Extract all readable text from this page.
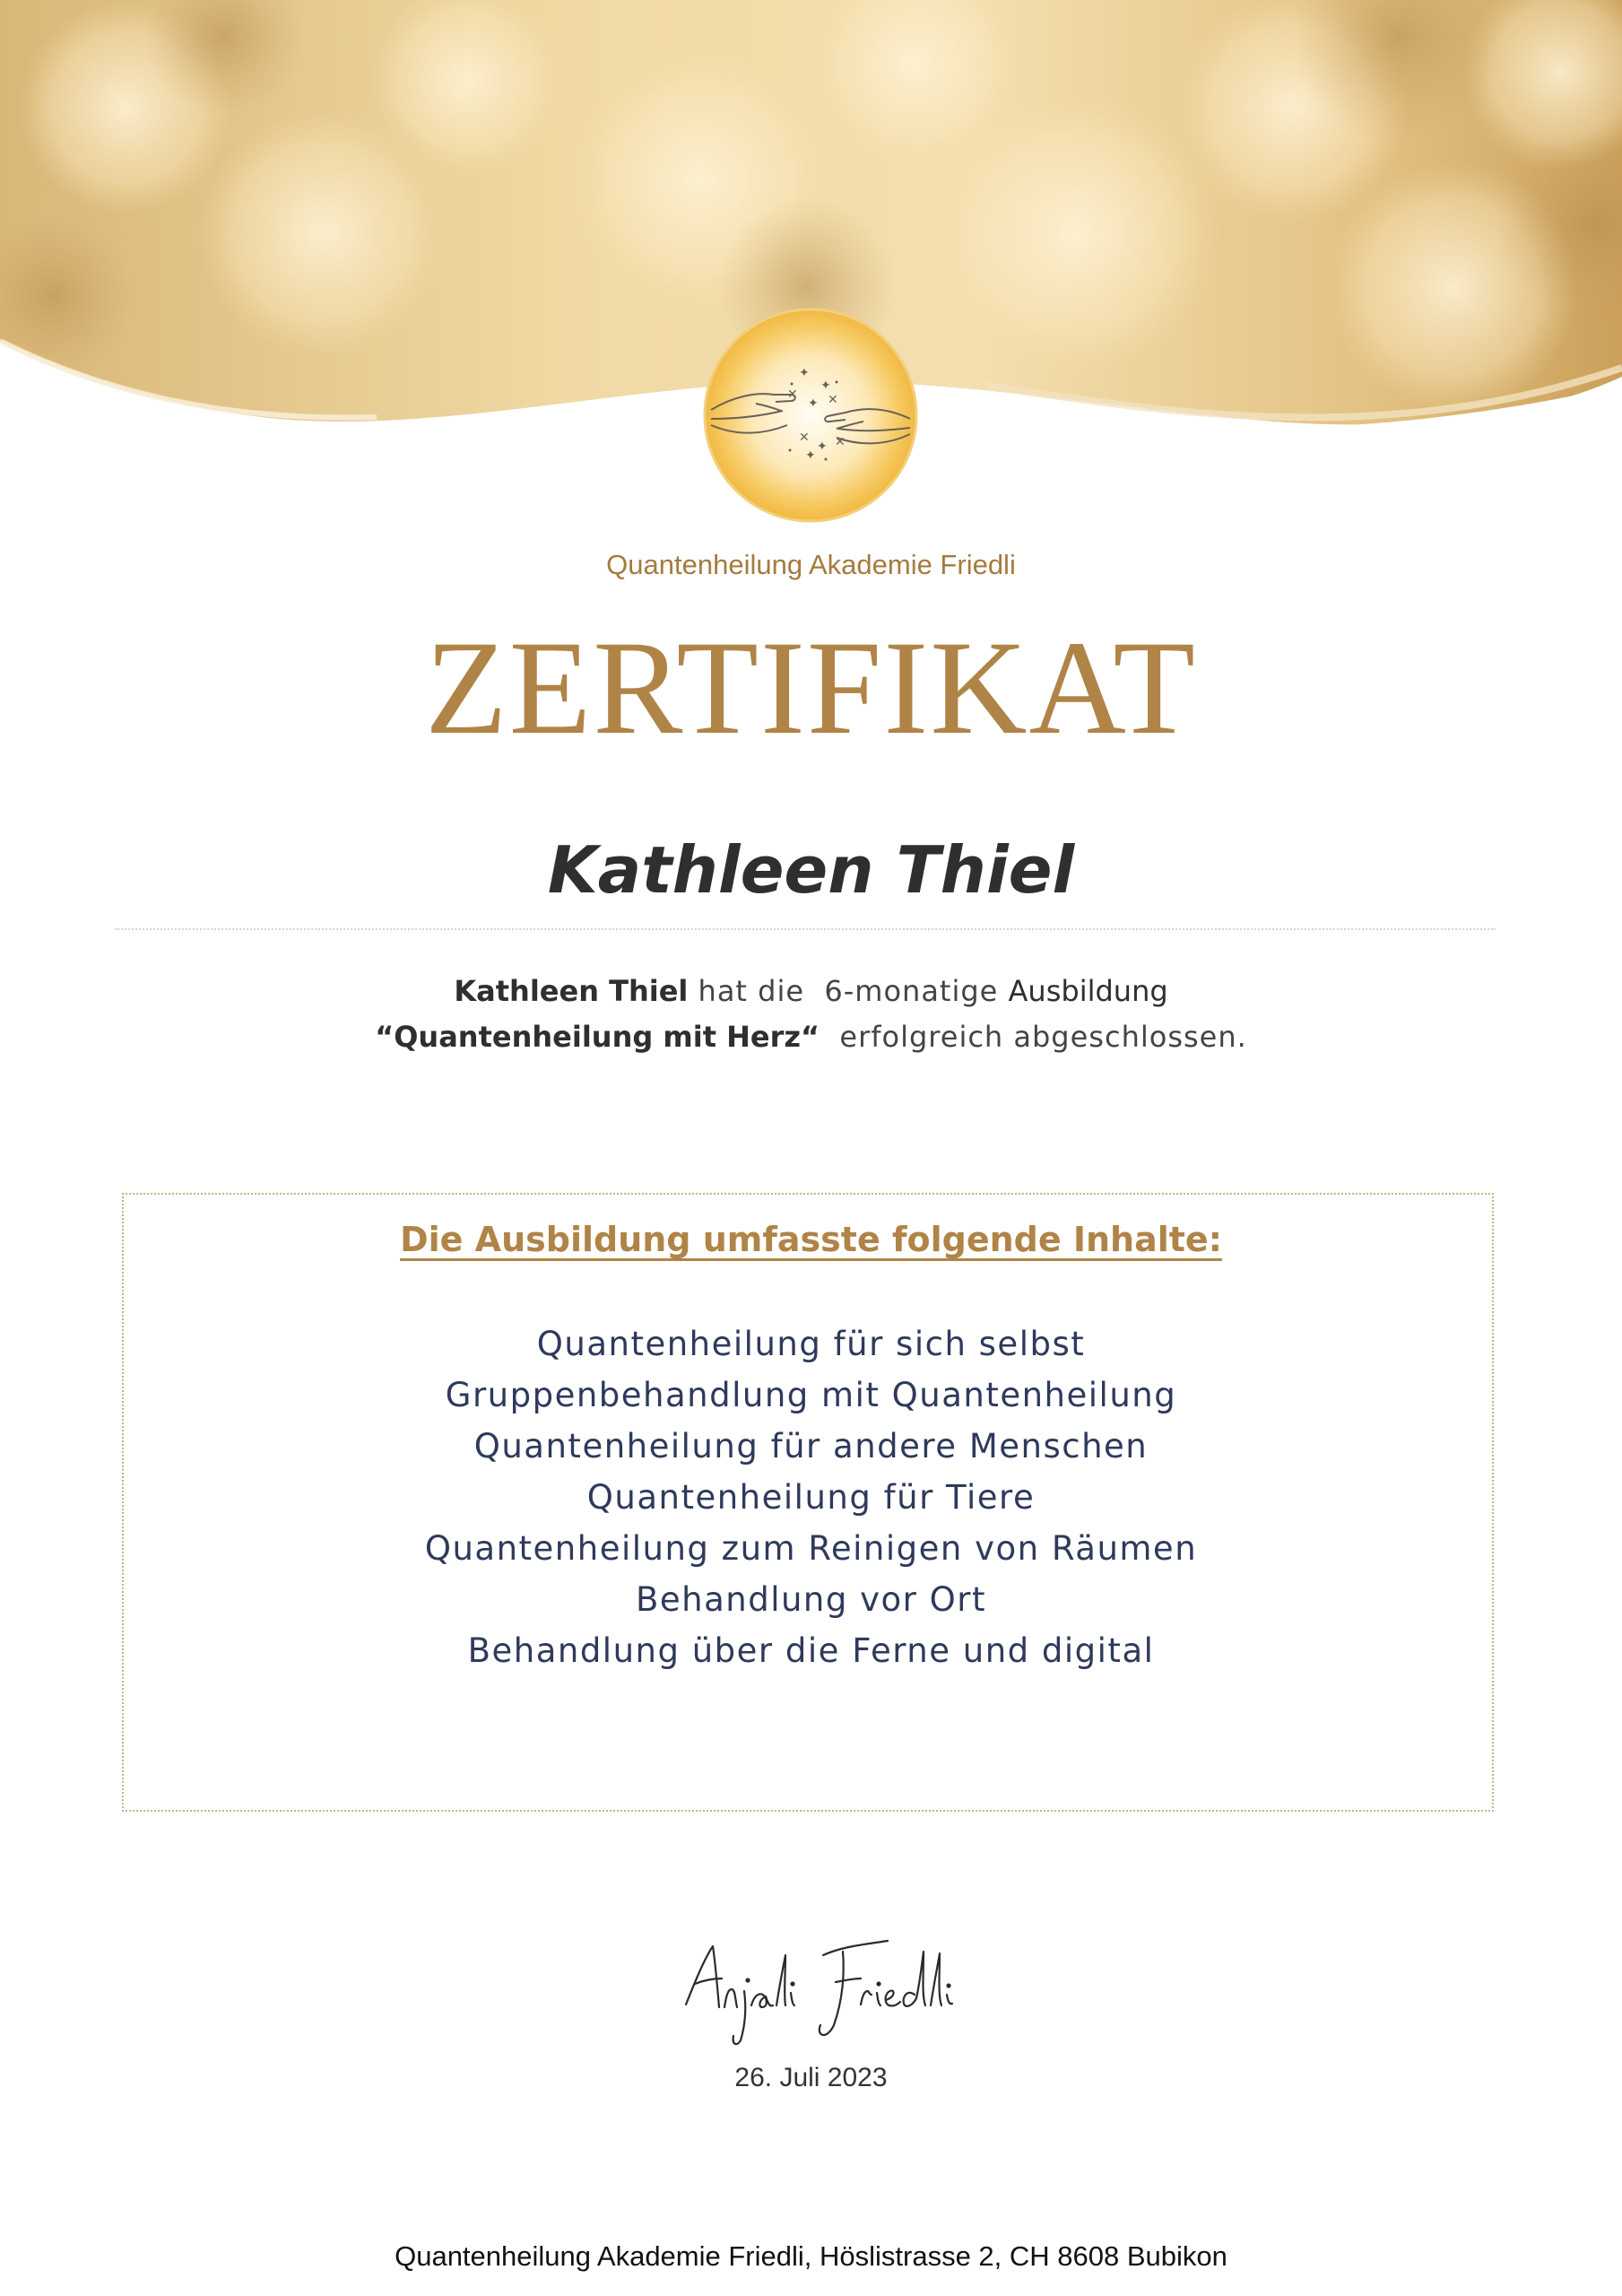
✦
✦
✕
✦ ✕
✕
✦ ✕
✦
Quantenheilung Akademie Friedli
ZERTIFIKAT
Kathleen Thiel
Kathleen Thiel hat die  6-monatige Ausbildung
“Quantenheilung mit Herz“ erfolgreich abgeschlossen.
Die Ausbildung umfasste folgende Inhalte:
Quantenheilung für sich selbst
Gruppenbehandlung mit Quantenheilung
Quantenheilung für andere Menschen
Quantenheilung für Tiere
Quantenheilung zum Reinigen von Räumen
Behandlung vor Ort
Behandlung über die Ferne und digital
26. Juli 2023
Quantenheilung Akademie Friedli, Höslistrasse 2, CH 8608 Bubikon
